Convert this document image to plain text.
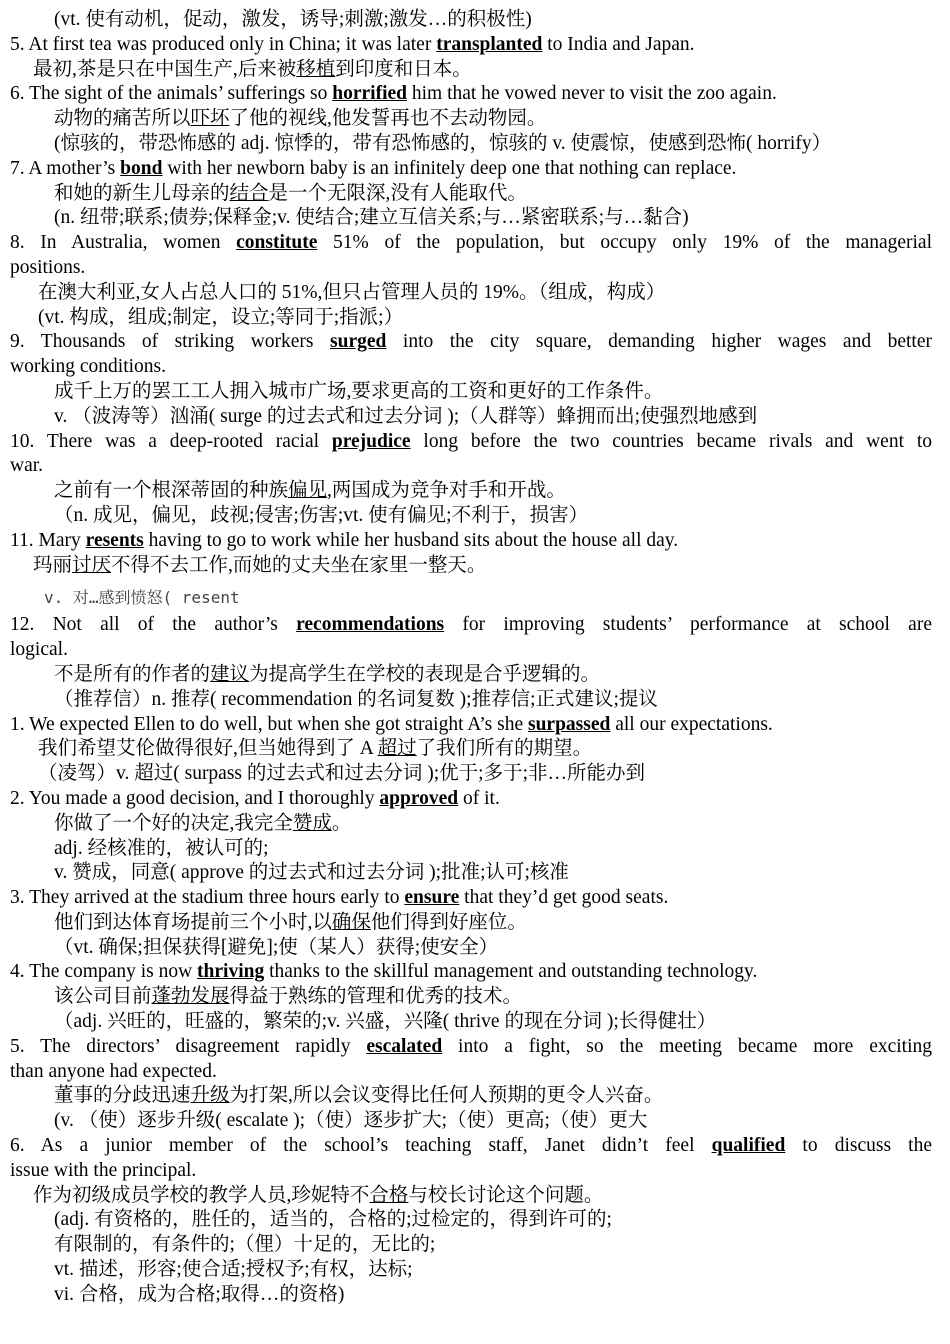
(vt. 使有动机，促动，激发，诱导;刺激;激发…的积极性)
5. At first tea was produced only in China; it was later transplanted to India and Japan.
最初,茶是只在中国生产,后来被移植到印度和日本。
6. The sight of the animals’ sufferings so horrified him that he vowed never to visit the zoo again.
动物的痛苦所以吓坏了他的视线,他发誓再也不去动物园。
(惊骇的，带恐怖感的 adj. 惊悸的，带有恐怖感的，惊骇的 v. 使震惊，使感到恐怖( horrify）
7. A mother’s bond with her newborn baby is an infinitely deep one that nothing can replace.
和她的新生儿母亲的结合是一个无限深,没有人能取代。
(n. 纽带;联系;债券;保释金;v. 使结合;建立互信关系;与…紧密联系;与…黏合)
8. In Australia, women constitute 51% of the population, but occupy only 19% of the managerial
positions.
在澳大利亚,女人占总人口的 51%,但只占管理人员的 19%。（组成，构成）
(vt. 构成，组成;制定，设立;等同于;指派;）
9. Thousands of striking workers surged into the city square, demanding higher wages and better
working conditions.
成千上万的罢工工人拥入城市广场,要求更高的工资和更好的工作条件。
v. （波涛等）汹涌( surge 的过去式和过去分词 );（人群等）蜂拥而出;使强烈地感到
10. There was a deep-rooted racial prejudice long before the two countries became rivals and went to
war.
之前有一个根深蒂固的种族偏见,两国成为竞争对手和开战。
（n. 成见，偏见，歧视;侵害;伤害;vt. 使有偏见;不利于，损害）
11. Mary resents having to go to work while her husband sits about the house all day.
玛丽讨厌不得不去工作,而她的丈夫坐在家里一整天。
v. 对…感到愤怒( resent
12. Not all of the author’s recommendations for improving students’ performance at school are
logical.
不是所有的作者的建议为提高学生在学校的表现是合乎逻辑的。
（推荐信）n. 推荐( recommendation 的名词复数 );推荐信;正式建议;提议
1. We expected Ellen to do well, but when she got straight A’s she surpassed all our expectations.
我们希望艾伦做得很好,但当她得到了 A 超过了我们所有的期望。
（凌驾）v. 超过( surpass 的过去式和过去分词 );优于;多于;非…所能办到
2. You made a good decision, and I thoroughly approved of it.
你做了一个好的决定,我完全赞成。
adj. 经核准的，被认可的;
v. 赞成，同意( approve 的过去式和过去分词 );批准;认可;核准
3. They arrived at the stadium three hours early to ensure that they’d get good seats.
他们到达体育场提前三个小时,以确保他们得到好座位。
（vt. 确保;担保获得[避免];使（某人）获得;使安全）
4. The company is now thriving thanks to the skillful management and outstanding technology.
该公司目前蓬勃发展得益于熟练的管理和优秀的技术。
（adj. 兴旺的，旺盛的，繁荣的;v. 兴盛，兴隆( thrive 的现在分词 );长得健壮）
5. The directors’ disagreement rapidly escalated into a fight, so the meeting became more exciting
than anyone had expected.
董事的分歧迅速升级为打架,所以会议变得比任何人预期的更令人兴奋。
(v. （使）逐步升级( escalate );（使）逐步扩大;（使）更高;（使）更大
6. As a junior member of the school’s teaching staff, Janet didn’t feel qualified to discuss the
issue with the principal.
作为初级成员学校的教学人员,珍妮特不合格与校长讨论这个问题。
(adj. 有资格的，胜任的，适当的，合格的;过检定的，得到许可的;
有限制的，有条件的;（俚）十足的，无比的;
vt. 描述，形容;使合适;授权予;有权，达标;
vi. 合格，成为合格;取得…的资格)
